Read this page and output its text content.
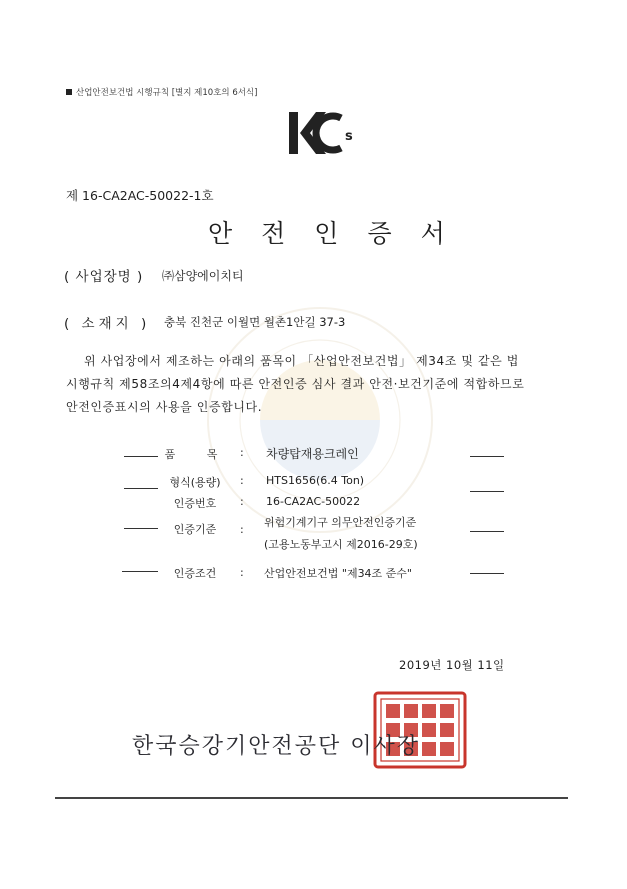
산업안전보건법 시행규칙 [별지 제10호의 6서식]
s
제 16-CA2AC-50022-1호
안전인증서
( 사업장명 ) ㈜삼양에이치티
( 소재지 ) 충북 진천군 이월면 월촌1안길 37-3
위 사업장에서 제조하는 아래의 품목이 「산업안전보건법」 제34조 및 같은 법
시행규칙 제58조의4제4항에 따른 안전인증 심사 결과 안전·보건기준에 적합하므로
안전인증표시의 사용을 인증합니다.
품 목 : 차량탑재용크레인
형식(용량)	: HTS1656(6.4 Ton)
인증번호	: 16-CA2AC-50022
인증기준	:
위험기계기구 의무안전인증기준
(고용노동부고시 제2016-29호)
인증조건	: 산업안전보건법 "제34조 준수"
2019년 10월 11일
한국승강기안전공단 이사장
